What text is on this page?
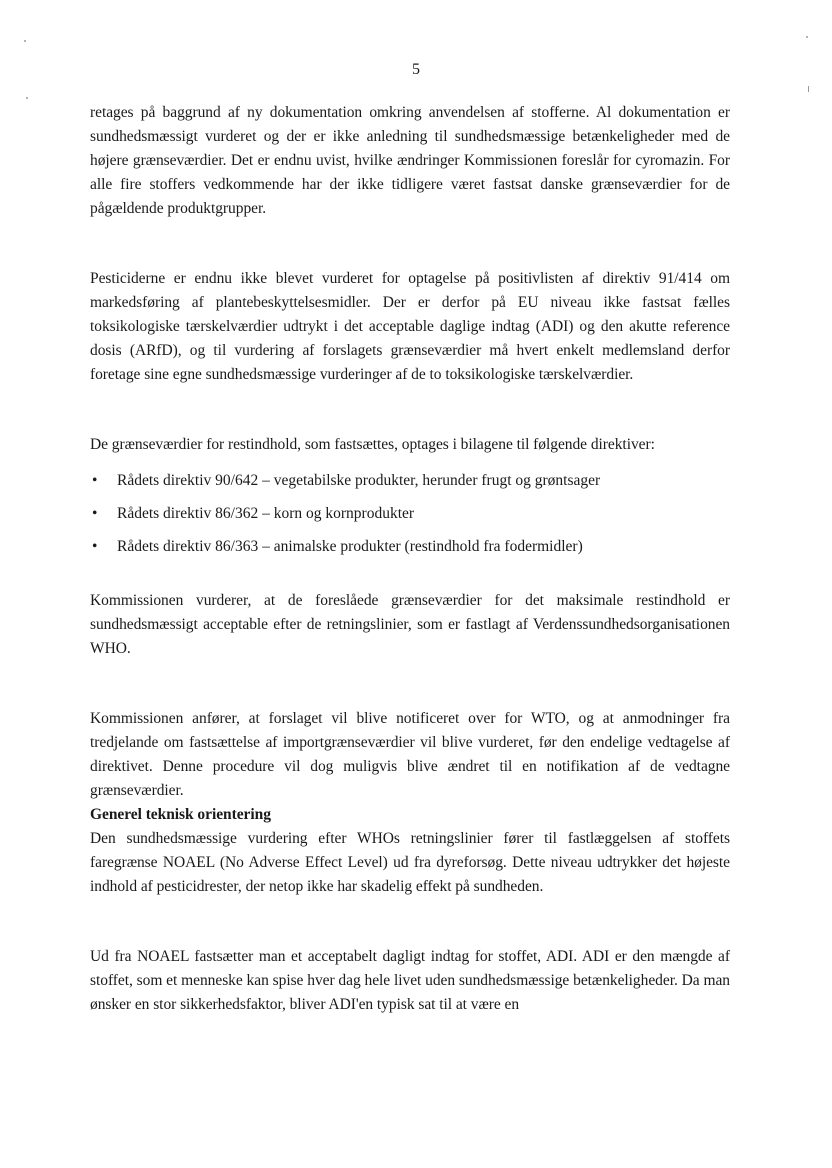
5

retages på baggrund af ny dokumentation omkring anvendelsen af stofferne. Al dokumentation er sundhedsmæssigt vurderet og der er ikke anledning til sundhedsmæssige betænkeligheder med de højere grænseværdier. Det er endnu uvist, hvilke ændringer Kommissionen foreslår for cyromazin. For alle fire stoffers vedkommende har der ikke tidligere været fastsat danske grænseværdier for de pågældende produktgrupper.

Pesticiderne er endnu ikke blevet vurderet for optagelse på positivlisten af direktiv 91/414 om markedsføring af plantebeskyttelsesmidler. Der er derfor på EU niveau ikke fastsat fælles toksikologiske tærskelværdier udtrykt i det acceptable daglige indtag (ADI) og den akutte reference dosis (ARfD), og til vurdering af forslagets grænseværdier må hvert enkelt medlemsland derfor foretage sine egne sundhedsmæssige vurderinger af de to toksikologiske tærskelværdier.

De grænseværdier for restindhold, som fastsættes, optages i bilagene til følgende direktiver:

• Rådets direktiv 90/642 – vegetabilske produkter, herunder frugt og grøntsager
• Rådets direktiv 86/362 – korn og kornprodukter
• Rådets direktiv 86/363 – animalske produkter (restindhold fra fodermidler)

Kommissionen vurderer, at de foreslåede grænseværdier for det maksimale restindhold er sundhedsmæssigt acceptable efter de retningslinier, som er fastlagt af Verdenssundhedsorganisationen WHO.

Kommissionen anfører, at forslaget vil blive notificeret over for WTO, og at anmodninger fra tredjelande om fastsættelse af importgrænseværdier vil blive vurderet, før den endelige vedtagelse af direktivet. Denne procedure vil dog muligvis blive ændret til en notifikation af de vedtagne grænseværdier.

Generel teknisk orientering

Den sundhedsmæssige vurdering efter WHOs retningslinier fører til fastlæggelsen af stoffets faregrænse NOAEL (No Adverse Effect Level) ud fra dyreforsøg. Dette niveau udtrykker det højeste indhold af pesticidrester, der netop ikke har skadelig effekt på sundheden.

Ud fra NOAEL fastsætter man et acceptabelt dagligt indtag for stoffet, ADI. ADI er den mængde af stoffet, som et menneske kan spise hver dag hele livet uden sundhedsmæssige betænkeligheder. Da man ønsker en stor sikkerhedsfaktor, bliver ADI'en typisk sat til at være en
